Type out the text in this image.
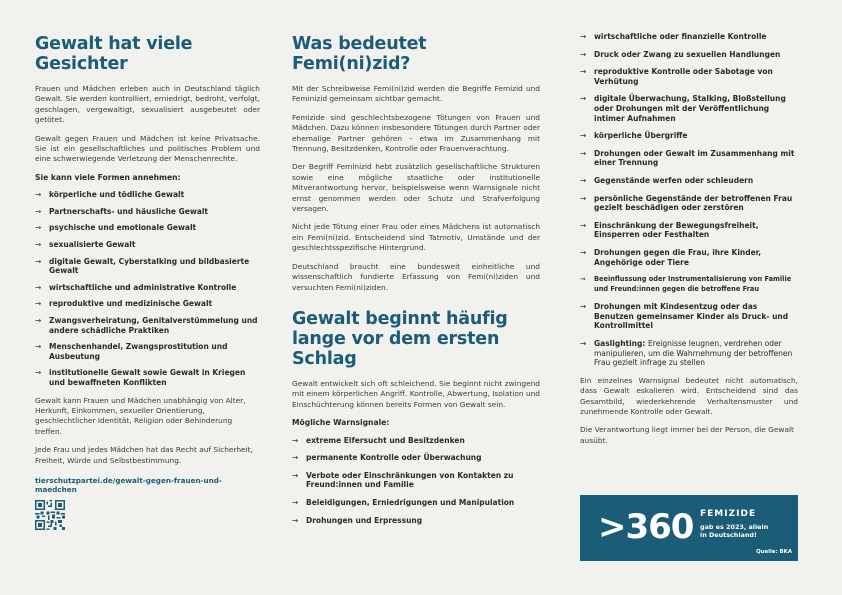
Gewalt hat viele Gesichter

Frauen und Mädchen erleben auch in Deutschland täglich Gewalt. Sie werden kontrolliert, erniedrigt, bedroht, verfolgt, geschlagen, vergewaltigt, sexualisiert ausgebeutet oder getötet.

Gewalt gegen Frauen und Mädchen ist keine Privatsache. Sie ist ein gesellschaftliches und politisches Problem und eine schwerwiegende Verletzung der Menschenrechte.

Sie kann viele Formen annehmen:

→ körperliche und tödliche Gewalt
→ Partnerschafts- und häusliche Gewalt
→ psychische und emotionale Gewalt
→ sexualisierte Gewalt
→ digitale Gewalt, Cyberstalking und bildbasierte Gewalt
→ wirtschaftliche und administrative Kontrolle
→ reproduktive und medizinische Gewalt
→ Zwangsverheiratung, Genitalverstümmelung und andere schädliche Praktiken
→ Menschenhandel, Zwangsprostitution und Ausbeutung
→ institutionelle Gewalt sowie Gewalt in Kriegen und bewaffneten Konflikten

Gewalt kann Frauen und Mädchen unabhängig von Alter, Herkunft, Einkommen, sexueller Orientierung, geschlechtlicher Identität, Religion oder Behinderung treffen.

Jede Frau und jedes Mädchen hat das Recht auf Sicherheit, Freiheit, Würde und Selbstbestimmung.

tierschutzpartei.de/gewalt-gegen-frauen-und-maedchen
Was bedeutet Femi(ni)zid?

Mit der Schreibweise Femi(ni)zid werden die Begriffe Femizid und Feminizid gemeinsam sichtbar gemacht.

Femizide sind geschlechtsbezogene Tötungen von Frauen und Mädchen. Dazu können insbesondere Tötungen durch Partner oder ehemalige Partner gehören – etwa im Zusammenhang mit Trennung, Besitzdenken, Kontrolle oder Frauenverachtung.

Der Begriff Feminizid hebt zusätzlich gesellschaftliche Strukturen sowie eine mögliche staatliche oder institutionelle Mitverantwortung hervor, beispielsweise wenn Warnsignale nicht ernst genommen werden oder Schutz und Strafverfolgung versagen.

Nicht jede Tötung einer Frau oder eines Mädchens ist automatisch ein Femi(ni)zid. Entscheidend sind Tatmotiv, Umstände und der geschlechtsspezifische Hintergrund.

Deutschland braucht eine bundesweit einheitliche und wissenschaftlich fundierte Erfassung von Femi(ni)ziden und versuchten Femi(ni)ziden.

Gewalt beginnt häufig lange vor dem ersten Schlag

Gewalt entwickelt sich oft schleichend. Sie beginnt nicht zwingend mit einem körperlichen Angriff. Kontrolle, Abwertung, Isolation und Einschüchterung können bereits Formen von Gewalt sein.

Mögliche Warnsignale:

→ extreme Eifersucht und Besitzdenken
→ permanente Kontrolle oder Überwachung
→ Verbote oder Einschränkungen von Kontakten zu Freund:innen und Familie
→ Beleidigungen, Erniedrigungen und Manipulation
→ Drohungen und Erpressung
→ wirtschaftliche oder finanzielle Kontrolle
→ Druck oder Zwang zu sexuellen Handlungen
→ reproduktive Kontrolle oder Sabotage von Verhütung
→ digitale Überwachung, Stalking, Bloßstellung oder Drohungen mit der Veröffentlichung intimer Aufnahmen
→ körperliche Übergriffe
→ Drohungen oder Gewalt im Zusammenhang mit einer Trennung
→ Gegenstände werfen oder schleudern
→ persönliche Gegenstände der betroffenen Frau gezielt beschädigen oder zerstören
→ Einschränkung der Bewegungsfreiheit, Einsperren oder Festhalten
→ Drohungen gegen die Frau, ihre Kinder, Angehörige oder Tiere
→ Beeinflussung oder Instrumentalisierung von Familie und Freund:innen gegen die betroffene Frau
→ Drohungen mit Kindesentzug oder das Benutzen gemeinsamer Kinder als Druck- und Kontrollmittel
→ Gaslighting: Ereignisse leugnen, verdrehen oder manipulieren, um die Wahrnehmung der betroffenen Frau gezielt infrage zu stellen

Ein einzelnes Warnsignal bedeutet nicht automatisch, dass Gewalt eskalieren wird. Entscheidend sind das Gesamtbild, wiederkehrende Verhaltensmuster und zunehmende Kontrolle oder Gewalt.

Die Verantwortung liegt immer bei der Person, die Gewalt ausübt.

>360 FEMIZIDE
gab es 2023, allein in Deutschland!
Quelle: BKA
